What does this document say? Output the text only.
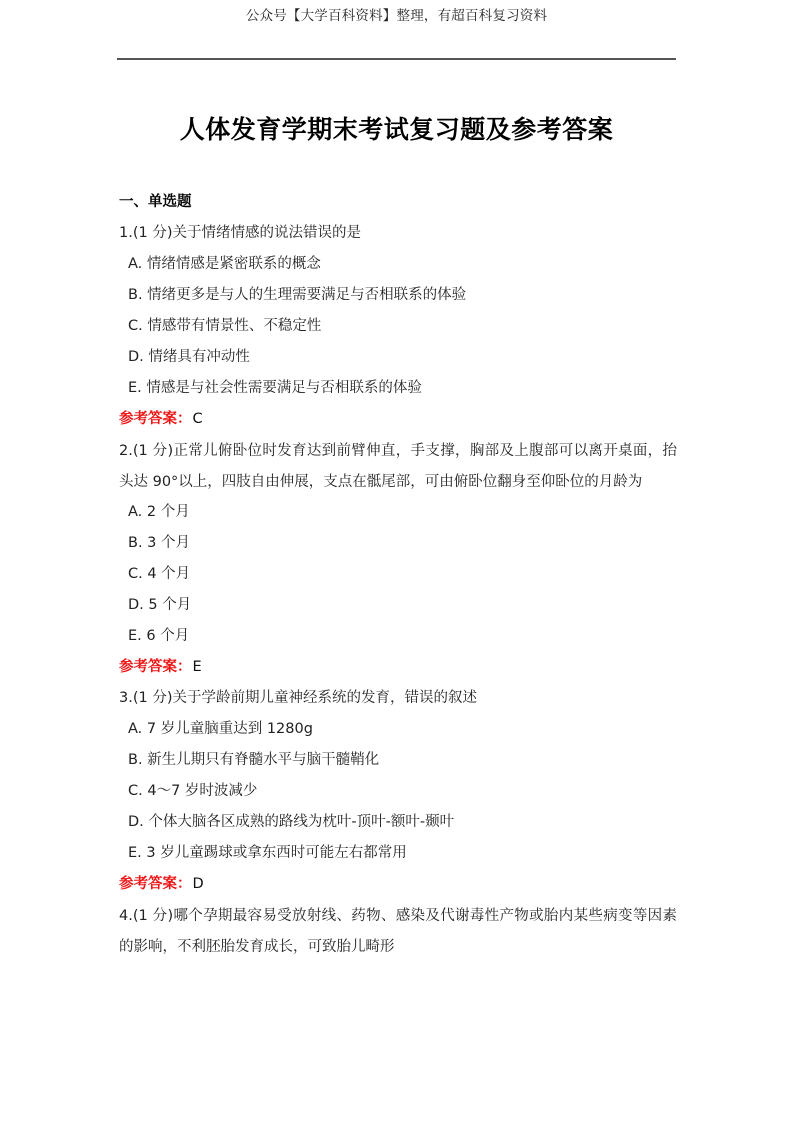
公众号【大学百科资料】整理，有超百科复习资料
人体发育学期末考试复习题及参考答案
一、单选题
1.(1 分)关于情绪情感的说法错误的是
A. 情绪情感是紧密联系的概念
B. 情绪更多是与人的生理需要满足与否相联系的体验
C. 情感带有情景性、不稳定性
D. 情绪具有冲动性
E. 情感是与社会性需要满足与否相联系的体验
参考答案：C
2.(1 分)正常儿俯卧位时发育达到前臂伸直，手支撑，胸部及上腹部可以离开桌面，抬头达 90°以上，四肢自由伸展，支点在骶尾部，可由俯卧位翻身至仰卧位的月龄为
A. 2 个月
B. 3 个月
C. 4 个月
D. 5 个月
E. 6 个月
参考答案：E
3.(1 分)关于学龄前期儿童神经系统的发育，错误的叙述
A. 7 岁儿童脑重达到 1280g
B. 新生儿期只有脊髓水平与脑干髓鞘化
C. 4～7 岁时波减少
D. 个体大脑各区成熟的路线为枕叶-顶叶-额叶-颞叶
E. 3 岁儿童踢球或拿东西时可能左右都常用
参考答案：D
4.(1 分)哪个孕期最容易受放射线、药物、感染及代谢毒性产物或胎内某些病变等因素的影响，不利胚胎发育成长，可致胎儿畸形
